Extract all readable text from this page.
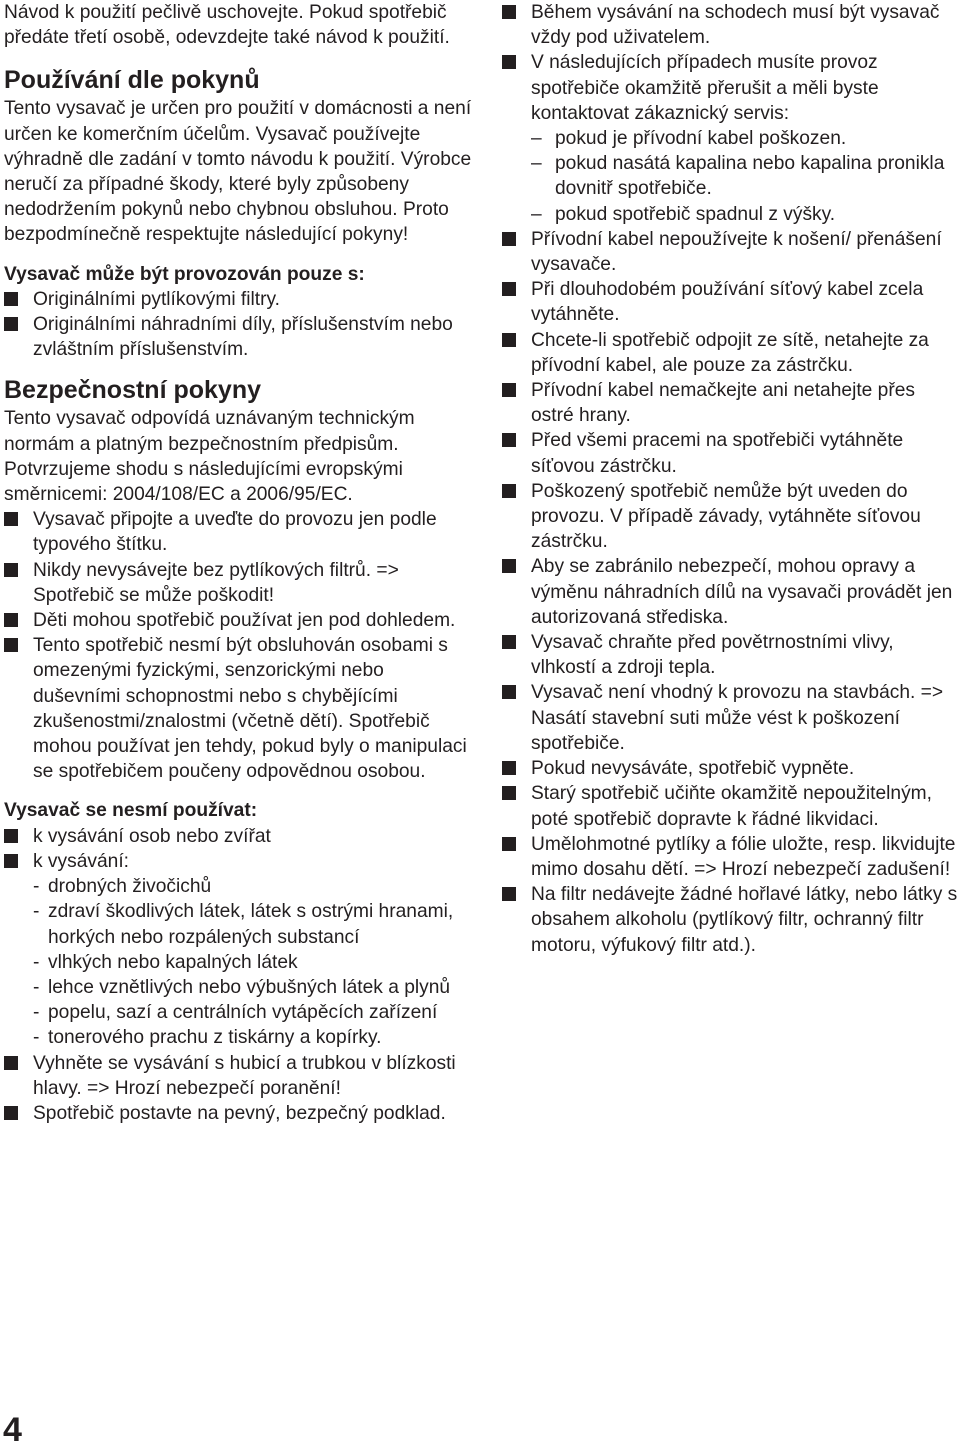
Návod k použití pečlivě uschovejte. Pokud spotřebič předáte třetí osobě, odevzdejte také návod k použití.

Používání dle pokynů

Tento vysavač je určen pro použití v domácnosti a není určen ke komerčním účelům. Vysavač používejte výhradně dle zadání v tomto návodu k použití. Výrobce neručí za případné škody, které byly způsobeny nedodržením pokynů nebo chybnou obsluhou. Proto bezpodmínečně respektujte následující pokyny!

Vysavač může být provozován pouze s:
Originálními pytlíkovými filtry.
Originálními náhradními díly, příslušenstvím nebo zvláštním příslušenstvím.
Bezpečnostní pokyny

Tento vysavač odpovídá uznávaným technickým normám a platným bezpečnostním předpisům. Potvrzujeme shodu s následujícími evropskými směrnicemi: 2004/108/EC a 2006/95/EC.

Vysavač připojte a uveďte do provozu jen podle typového štítku.
Nikdy nevysávejte bez pytlíkových filtrů. => Spotřebič se může poškodit!
Děti mohou spotřebič používat jen pod dohledem.
Tento spotřebič nesmí být obsluhován osobami s omezenými fyzickými, senzorickými nebo duševními schopnostmi nebo s chybějícími zkušenostmi/znalostmi (včetně dětí). Spotřebič mohou používat jen tehdy, pokud byly o manipulaci se spotřebičem poučeny odpovědnou osobou.
Vysavač se nesmí používat:
k vysávání osob nebo zvířat
k vysávání:
- drobných živočichů
- zdraví škodlivých látek, látek s ostrými hranami, horkých nebo rozpálených substancí
- vlhkých nebo kapalných látek
- lehce vznětlivých nebo výbušných látek a plynů
- popelu, sazí a centrálních vytápěcích zařízení
- tonerového prachu z tiskárny a kopírky.
Vyhněte se vysávání s hubicí a trubkou v blízkosti hlavy. => Hrozí nebezpečí poranění!
Spotřebič postavte na pevný, bezpečný podklad.
Během vysávání na schodech musí být vysavač vždy pod uživatelem.
V následujících případech musíte provoz spotřebiče okamžitě přerušit a měli byste kontaktovat zákaznický servis:
– pokud je přívodní kabel poškozen.
– pokud nasátá kapalina nebo kapalina pronikla dovnitř spotřebiče.
– pokud spotřebič spadnul z výšky.
Přívodní kabel nepoužívejte k nošení/ přenášení vysavače.
Při dlouhodobém používání síťový kabel zcela vytáhněte.
Chcete-li spotřebič odpojit ze sítě, netahejte za přívodní kabel, ale pouze za zástrčku.
Přívodní kabel nemačkejte ani netahejte přes ostré hrany.
Před všemi pracemi na spotřebiči vytáhněte síťovou zástrčku.
Poškozený spotřebič nemůže být uveden do provozu. V případě závady, vytáhněte síťovou zástrčku.
Aby se zabránilo nebezpečí, mohou opravy a výměnu náhradních dílů na vysavači provádět jen autorizovaná střediska.
Vysavač chraňte před povětrnostními vlivy, vlhkostí a zdroji tepla.
Vysavač není vhodný k provozu na stavbách. => Nasátí stavební suti může vést k poškození spotřebiče.
Pokud nevysáváte, spotřebič vypněte.
Starý spotřebič učiňte okamžitě nepoužitelným, poté spotřebič dopravte k řádné likvidaci.
Umělohmotné pytlíky a fólie uložte, resp. likvidujte mimo dosahu dětí. => Hrozí nebezpečí zadušení!
Na filtr nedávejte žádné hořlavé látky, nebo látky s obsahem alkoholu (pytlíkový filtr, ochranný filtr motoru, výfukový filtr atd.).
4
